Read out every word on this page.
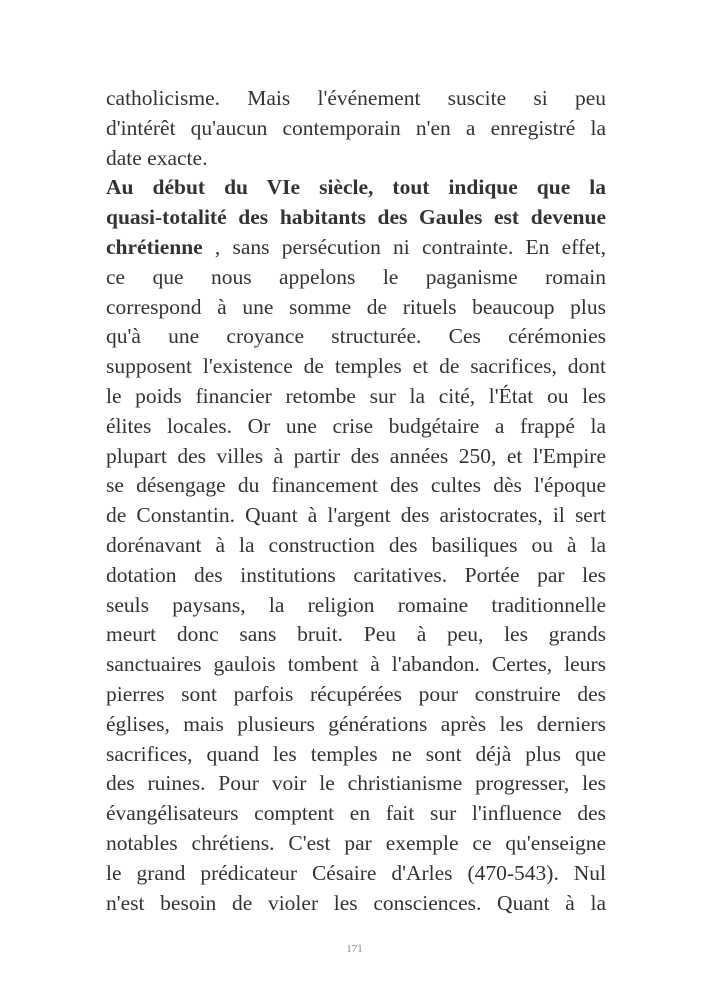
catholicisme. Mais l'événement suscite si peu
d'intérêt qu'aucun contemporain n'en a enregistré la
date exacte.
Au début du VIe siècle, tout indique que la
quasi-totalité des habitants des Gaules est devenue
chrétienne , sans persécution ni contrainte. En effet,
ce que nous appelons le paganisme romain
correspond à une somme de rituels beaucoup plus
qu'à une croyance structurée. Ces cérémonies
supposent l'existence de temples et de sacrifices, dont
le poids financier retombe sur la cité, l'État ou les
élites locales. Or une crise budgétaire a frappé la
plupart des villes à partir des années 250, et l'Empire
se désengage du financement des cultes dès l'époque
de Constantin. Quant à l'argent des aristocrates, il sert
dorénavant à la construction des basiliques ou à la
dotation des institutions caritatives. Portée par les
seuls paysans, la religion romaine traditionnelle
meurt donc sans bruit. Peu à peu, les grands
sanctuaires gaulois tombent à l'abandon. Certes, leurs
pierres sont parfois récupérées pour construire des
églises, mais plusieurs générations après les derniers
sacrifices, quand les temples ne sont déjà plus que
des ruines. Pour voir le christianisme progresser, les
évangélisateurs comptent en fait sur l'influence des
notables chrétiens. C'est par exemple ce qu'enseigne
le grand prédicateur Césaire d'Arles (470-543). Nul
n'est besoin de violer les consciences. Quant à la
171
